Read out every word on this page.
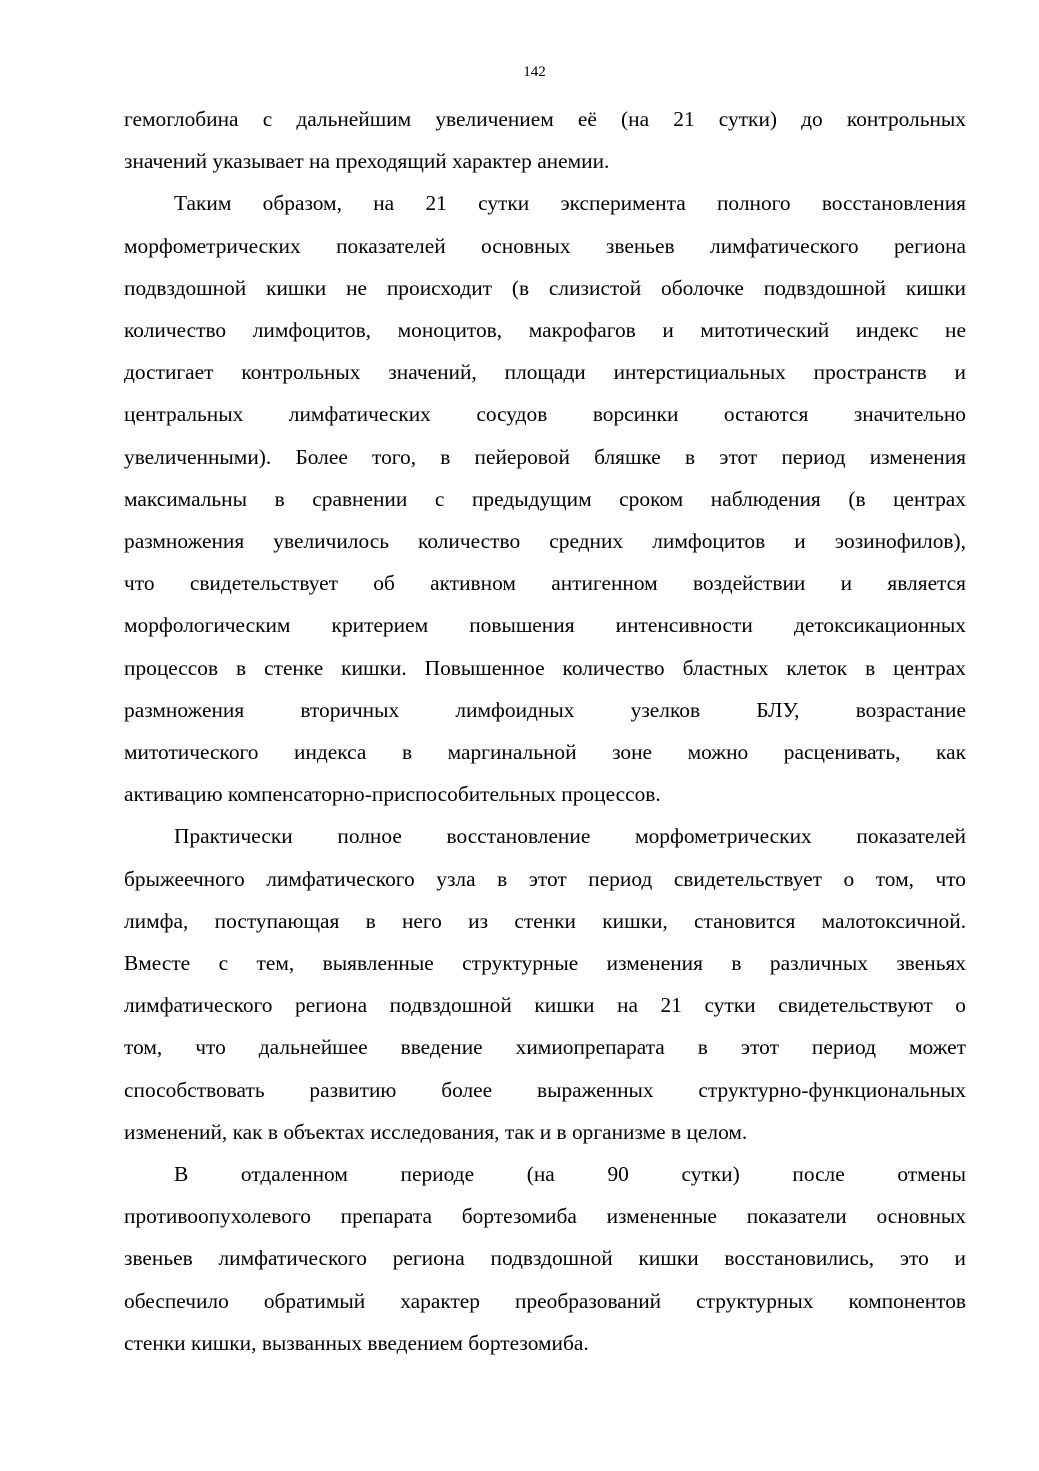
142

гемоглобина с дальнейшим увеличением её (на 21 сутки) до контрольных

значений указывает на преходящий характер анемии.

Таким образом, на 21 сутки эксперимента полного восстановления

морфометрических показателей основных звеньев лимфатического региона

подвздошной кишки не происходит (в слизистой оболочке подвздошной кишки

количество лимфоцитов, моноцитов, макрофагов и митотический индекс не

достигает контрольных значений, площади интерстициальных пространств и

центральных лимфатических сосудов ворсинки остаются значительно

увеличенными). Более того, в пейеровой бляшке в этот период изменения

максимальны в сравнении с предыдущим сроком наблюдения (в центрах

размножения увеличилось количество средних лимфоцитов и эозинофилов),

что свидетельствует об активном антигенном воздействии и является

морфологическим критерием повышения интенсивности детоксикационных

процессов в стенке кишки. Повышенное количество бластных клеток в центрах

размножения вторичных лимфоидных узелков БЛУ, возрастание

митотического индекса в маргинальной зоне можно расценивать, как

активацию компенсаторно-приспособительных процессов.

Практически полное восстановление морфометрических показателей

брыжеечного лимфатического узла в этот период свидетельствует о том, что

лимфа, поступающая в него из стенки кишки, становится малотоксичной.

Вместе с тем, выявленные структурные изменения в различных звеньях

лимфатического региона подвздошной кишки на 21 сутки свидетельствуют о

том, что дальнейшее введение химиопрепарата в этот период может

способствовать развитию более выраженных структурно-функциональных

изменений, как в объектах исследования, так и в организме в целом.

В отдаленном периоде (на 90 сутки) после отмены

противоопухолевого препарата бортезомиба измененные показатели основных

звеньев лимфатического региона подвздошной кишки восстановились, это и

обеспечило обратимый характер преобразований структурных компонентов

стенки кишки, вызванных введением бортезомиба.
